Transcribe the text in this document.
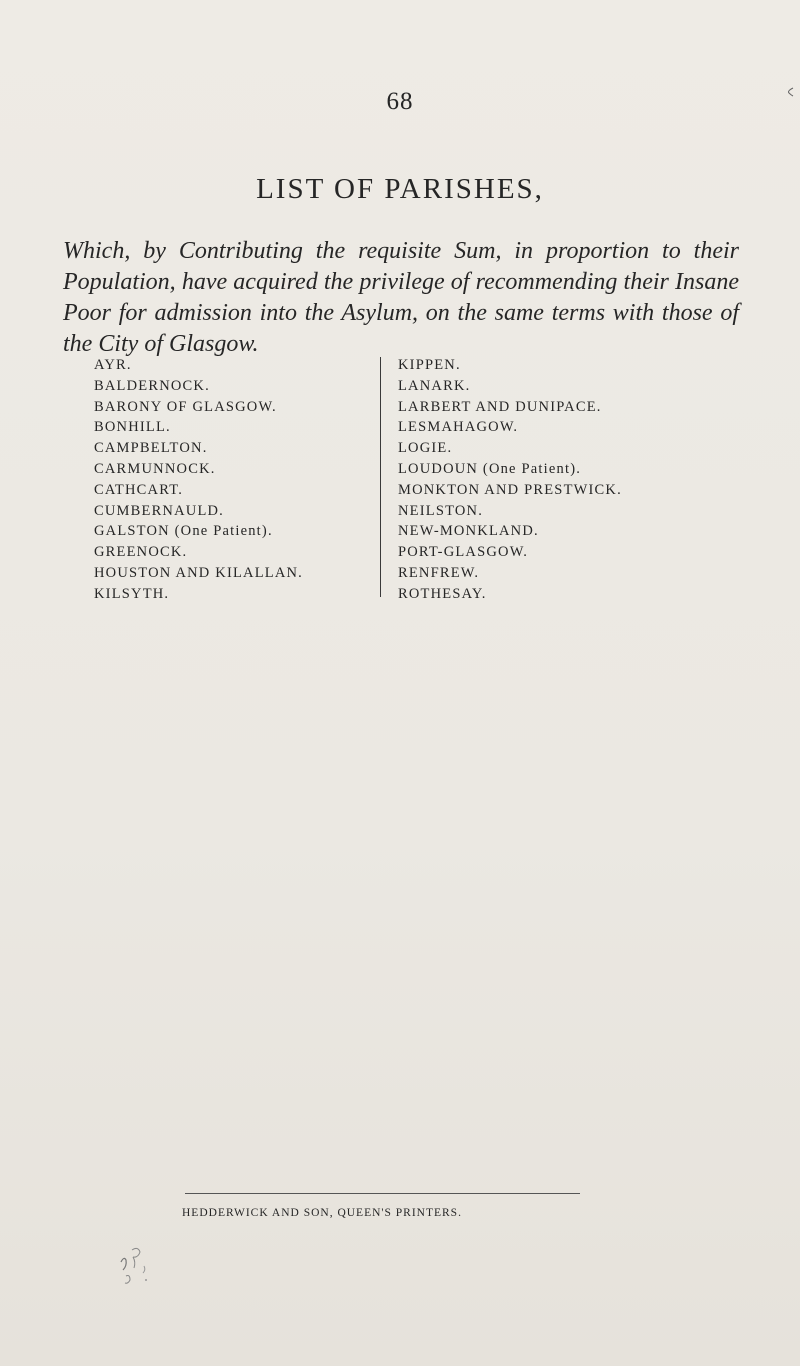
68
LIST OF PARISHES,
Which, by Contributing the requisite Sum, in proportion to their Population, have acquired the privilege of recommending their Insane Poor for admission into the Asylum, on the same terms with those of the City of Glasgow.
AYR.
BALDERNOCK.
BARONY OF GLASGOW.
BONHILL.
CAMPBELTON.
CARMUNNOCK.
CATHCART.
CUMBERNAULD.
GALSTON (One Patient).
GREENOCK.
HOUSTON AND KILALLAN.
KILSYTH.
KIPPEN.
LANARK.
LARBERT AND DUNIPACE.
LESMAHAGOW.
LOGIE.
LOUDOUN (One Patient).
MONKTON AND PRESTWICK.
NEILSTON.
NEW-MONKLAND.
PORT-GLASGOW.
RENFREW.
ROTHESAY.
HEDDERWICK AND SON, QUEEN'S PRINTERS.
